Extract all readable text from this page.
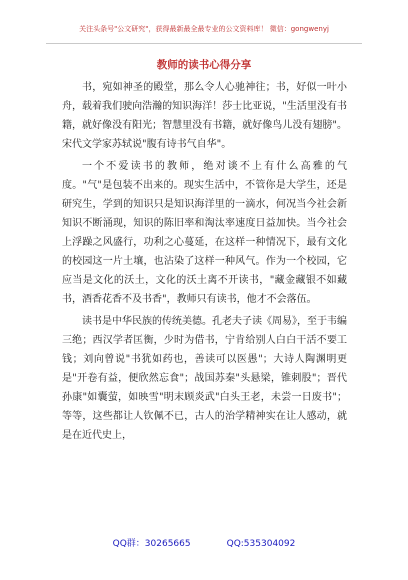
关注头条号"公文研究"，获得最新最全最专业的公文资料库！ 微信：gongwenyj
教师的读书心得分享

书，宛如神圣的殿堂，那么令人心驰神往；书，好似一叶小舟，载着我们驶向浩瀚的知识海洋！莎士比亚说，"生活里没有书籍，就好像没有阳光；智慧里没有书籍，就好像鸟儿没有翅膀"。宋代文学家苏轼说"腹有诗书气自华"。

一个不爱读书的教师，绝对谈不上有什么高雅的气度。"气"是包装不出来的。现实生活中，不管你是大学生，还是研究生，学到的知识只是知识海洋里的一滴水，何况当今社会新知识不断涌现，知识的陈旧率和淘汰率速度日益加快。当今社会上浮躁之风盛行，功利之心蔓延，在这样一种情况下，最有文化的校园这一片土壤，也沾染了这样一种风气。作为一个校园，它应当是文化的沃土，文化的沃土离不开读书，"藏金藏银不如藏书，酒香花香不及书香"，教师只有读书，他才不会落伍。

读书是中华民族的传统美德。孔老夫子读《周易》，至于韦编三绝；西汉学者匡衡，少时为借书，宁肯给别人白白干活不要工钱；刘向曾说"书犹如药也，善读可以医愚"；大诗人陶渊明更是"开卷有益，便欣然忘食"；战国苏秦"头悬梁，锥刺股"；晋代孙康"如囊萤，如映雪"明末顾炎武"白头王老，未尝一日废书"；等等，这些都让人钦佩不已，古人的治学精神实在让人感动，就是在近代史上，

QQ群：30265665	QQ:535304092
